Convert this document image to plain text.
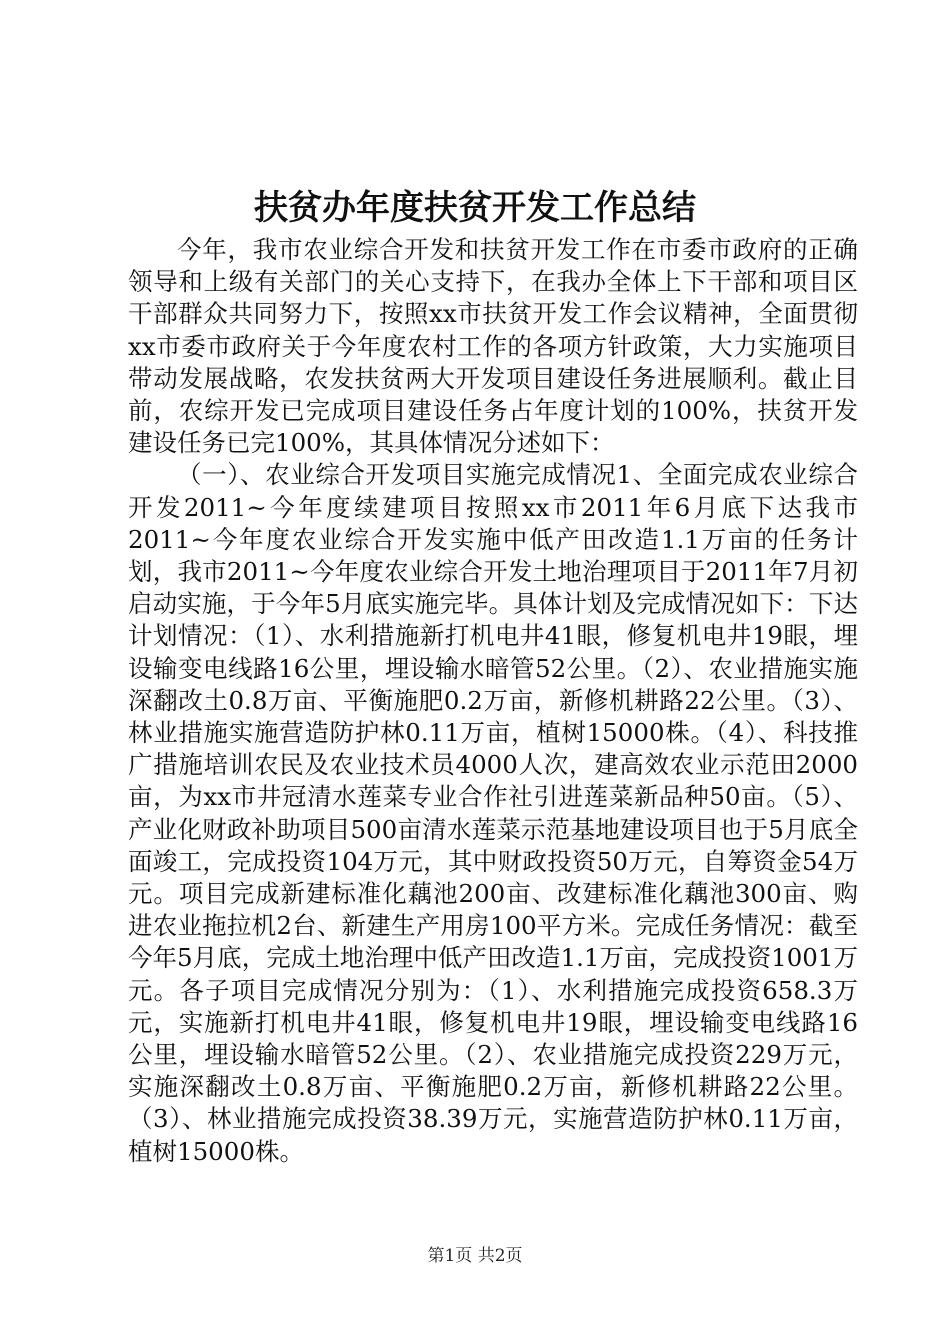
扶贫办年度扶贫开发工作总结

今年，我市农业综合开发和扶贫开发工作在市委市政府的正确领导和上级有关部门的关心支持下，在我办全体上下干部和项目区干部群众共同努力下，按照xx市扶贫开发工作会议精神，全面贯彻xx市委市政府关于今年度农村工作的各项方针政策，大力实施项目带动发展战略，农发扶贫两大开发项目建设任务进展顺利。截止目前，农综开发已完成项目建设任务占年度计划的100%，扶贫开发建设任务已完100%，其具体情况分述如下：

（一）、农业综合开发项目实施完成情况1、全面完成农业综合开发2011~今年度续建项目按照xx市2011年6月底下达我市2011~今年度农业综合开发实施中低产田改造1.1万亩的任务计划，我市2011~今年度农业综合开发土地治理项目于2011年7月初启动实施，于今年5月底实施完毕。具体计划及完成情况如下：下达计划情况：（1）、水利措施新打机电井41眼，修复机电井19眼，埋设输变电线路16公里，埋设输水暗管52公里。（2）、农业措施实施深翻改土0.8万亩、平衡施肥0.2万亩，新修机耕路22公里。（3）、林业措施实施营造防护林0.11万亩，植树15000株。（4）、科技推广措施培训农民及农业技术员4000人次，建高效农业示范田2000亩，为xx市井冠清水莲菜专业合作社引进莲菜新品种50亩。（5）、产业化财政补助项目500亩清水莲菜示范基地建设项目也于5月底全面竣工，完成投资104万元，其中财政投资50万元，自筹资金54万元。项目完成新建标准化藕池200亩、改建标准化藕池300亩、购进农业拖拉机2台、新建生产用房100平方米。完成任务情况：截至今年5月底，完成土地治理中低产田改造1.1万亩，完成投资1001万元。各子项目完成情况分别为：（1）、水利措施完成投资658.3万元，实施新打机电井41眼，修复机电井19眼，埋设输变电线路16公里，埋设输水暗管52公里。（2）、农业措施完成投资229万元，实施深翻改土0.8万亩、平衡施肥0.2万亩，新修机耕路22公里。（3）、林业措施完成投资38.39万元，实施营造防护林0.11万亩，植树15000株。

第1页 共2页
